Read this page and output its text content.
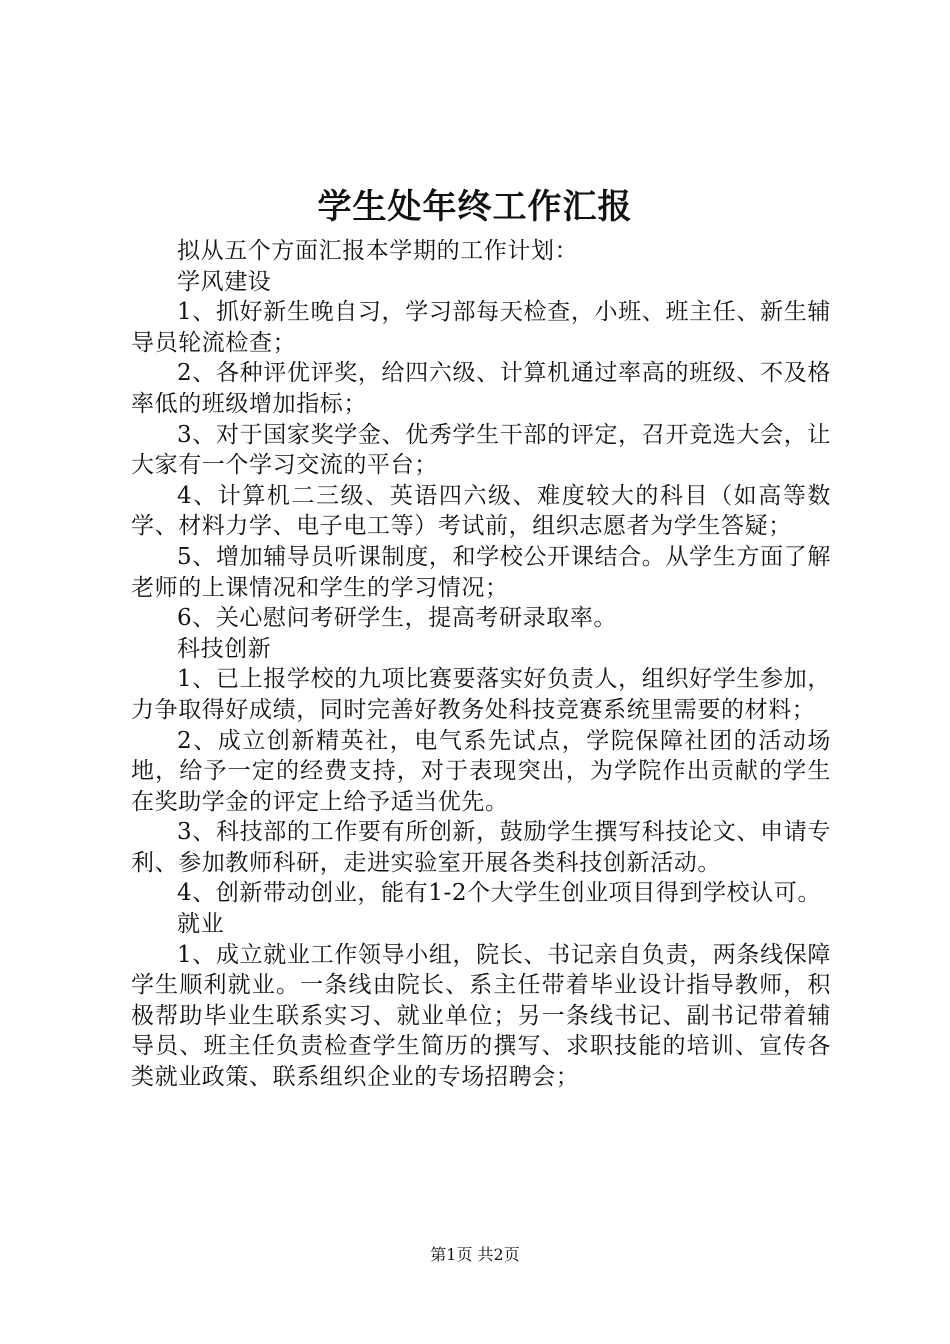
学生处年终工作汇报

拟从五个方面汇报本学期的工作计划：

学风建设

1、抓好新生晚自习，学习部每天检查，小班、班主任、新生辅导员轮流检查；

2、各种评优评奖，给四六级、计算机通过率高的班级、不及格率低的班级增加指标；

3、对于国家奖学金、优秀学生干部的评定，召开竞选大会，让大家有一个学习交流的平台；

4、计算机二三级、英语四六级、难度较大的科目（如高等数学、材料力学、电子电工等）考试前，组织志愿者为学生答疑；

5、增加辅导员听课制度，和学校公开课结合。从学生方面了解老师的上课情况和学生的学习情况；

6、关心慰问考研学生，提高考研录取率。

科技创新

1、已上报学校的九项比赛要落实好负责人，组织好学生参加，力争取得好成绩，同时完善好教务处科技竞赛系统里需要的材料；

2、成立创新精英社，电气系先试点，学院保障社团的活动场地，给予一定的经费支持，对于表现突出，为学院作出贡献的学生在奖助学金的评定上给予适当优先。

3、科技部的工作要有所创新，鼓励学生撰写科技论文、申请专利、参加教师科研，走进实验室开展各类科技创新活动。

4、创新带动创业，能有1-2个大学生创业项目得到学校认可。

就业

1、成立就业工作领导小组，院长、书记亲自负责，两条线保障学生顺利就业。一条线由院长、系主任带着毕业设计指导教师，积极帮助毕业生联系实习、就业单位；另一条线书记、副书记带着辅导员、班主任负责检查学生简历的撰写、求职技能的培训、宣传各类就业政策、联系组织企业的专场招聘会；

第1页 共2页
